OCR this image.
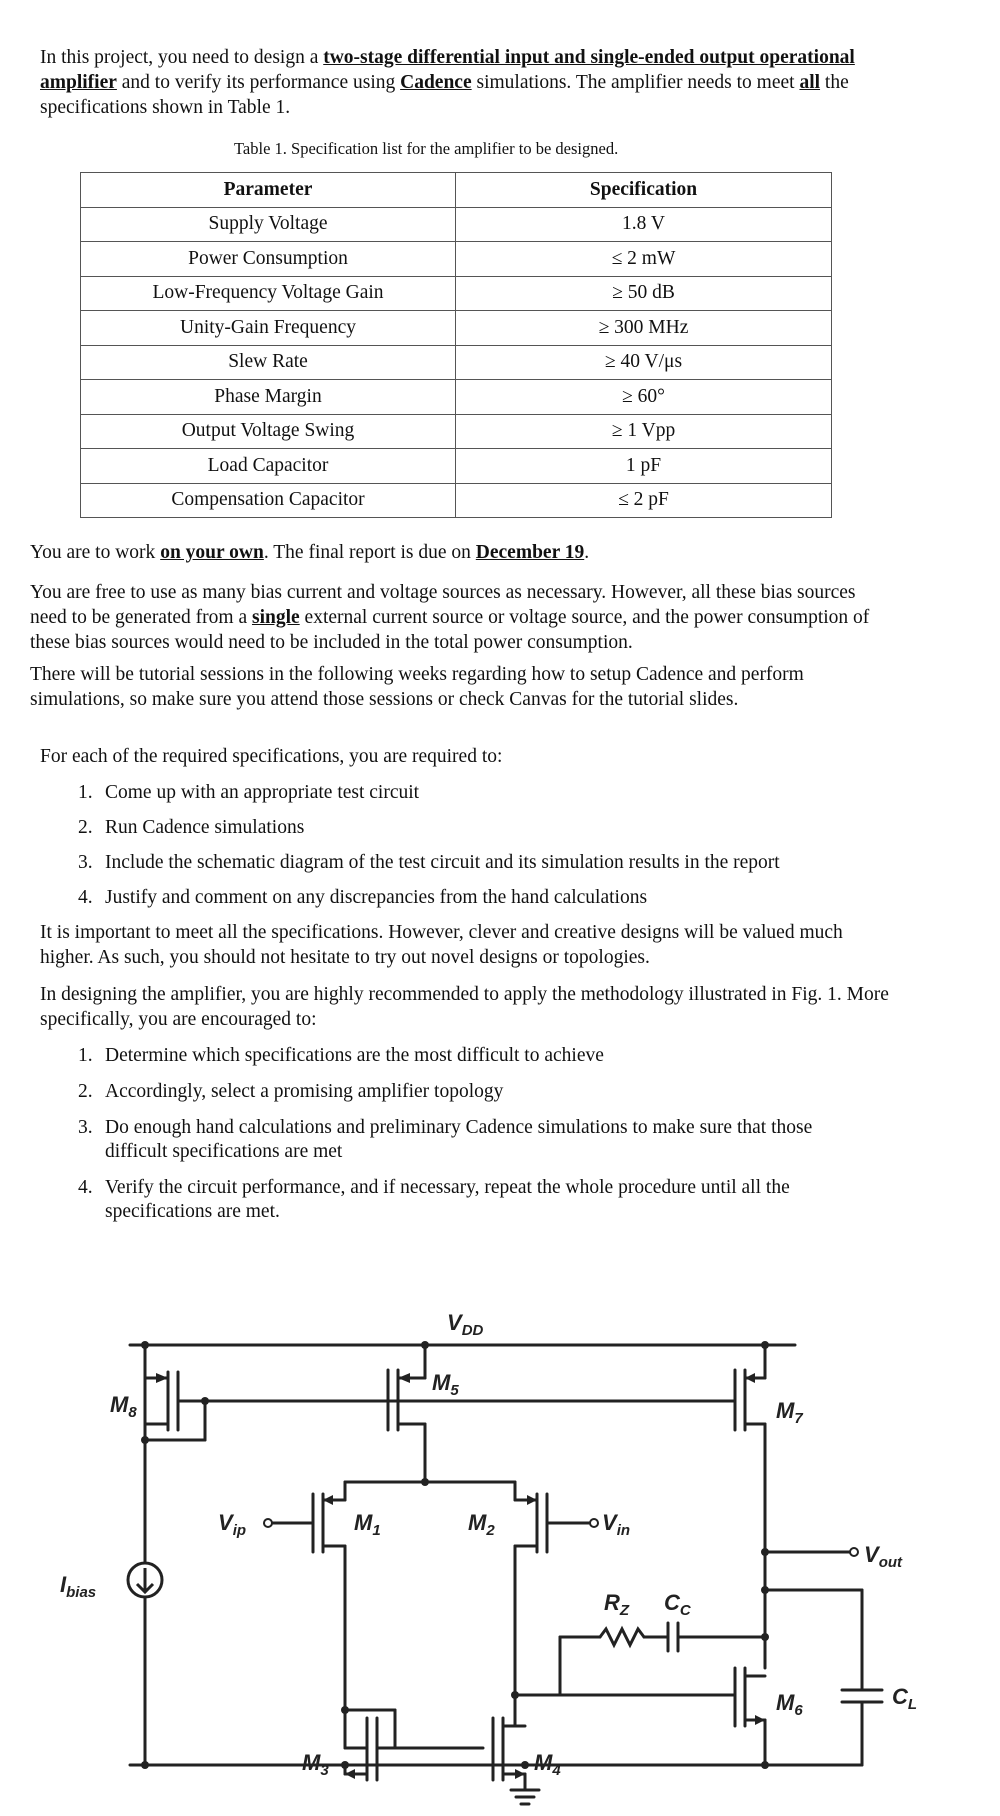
In this project, you need to design a two-stage differential input and single-ended output operational amplifier and to verify its performance using Cadence simulations. The amplifier needs to meet all the specifications shown in Table 1.

Table 1. Specification list for the amplifier to be designed.
Parameter	Specification
Supply Voltage	1.8 V
Power Consumption	≤ 2 mW
Low-Frequency Voltage Gain	≥ 50 dB
Unity-Gain Frequency	≥ 300 MHz
Slew Rate	≥ 40 V/μs
Phase Margin	≥ 60°
Output Voltage Swing	≥ 1 Vpp
Load Capacitor	1 pF
Compensation Capacitor	≤ 2 pF

You are to work on your own. The final report is due on December 19.

You are free to use as many bias current and voltage sources as necessary. However, all these bias sources need to be generated from a single external current source or voltage source, and the power consumption of these bias sources would need to be included in the total power consumption.

There will be tutorial sessions in the following weeks regarding how to setup Cadence and perform simulations, so make sure you attend those sessions or check Canvas for the tutorial slides.

For each of the required specifications, you are required to:

1. Come up with an appropriate test circuit
2. Run Cadence simulations
3. Include the schematic diagram of the test circuit and its simulation results in the report
4. Justify and comment on any discrepancies from the hand calculations

It is important to meet all the specifications. However, clever and creative designs will be valued much higher. As such, you should not hesitate to try out novel designs or topologies.

In designing the amplifier, you are highly recommended to apply the methodology illustrated in Fig. 1. More specifically, you are encouraged to:

1. Determine which specifications are the most difficult to achieve
2. Accordingly, select a promising amplifier topology
3. Do enough hand calculations and preliminary Cadence simulations to make sure that those difficult specifications are met
4. Verify the circuit performance, and if necessary, repeat the whole procedure until all the specifications are met.
$V_{DD}$
$M_8$
$M_5$
$M_7$
$V_{ip}$	$M_1$	$M_2$	$V_{in}$
$V_{out}$
$R_Z$ $C_C$
$I_{bias}$
$M_6$
$C_L$
$M_3$	$M_4$
